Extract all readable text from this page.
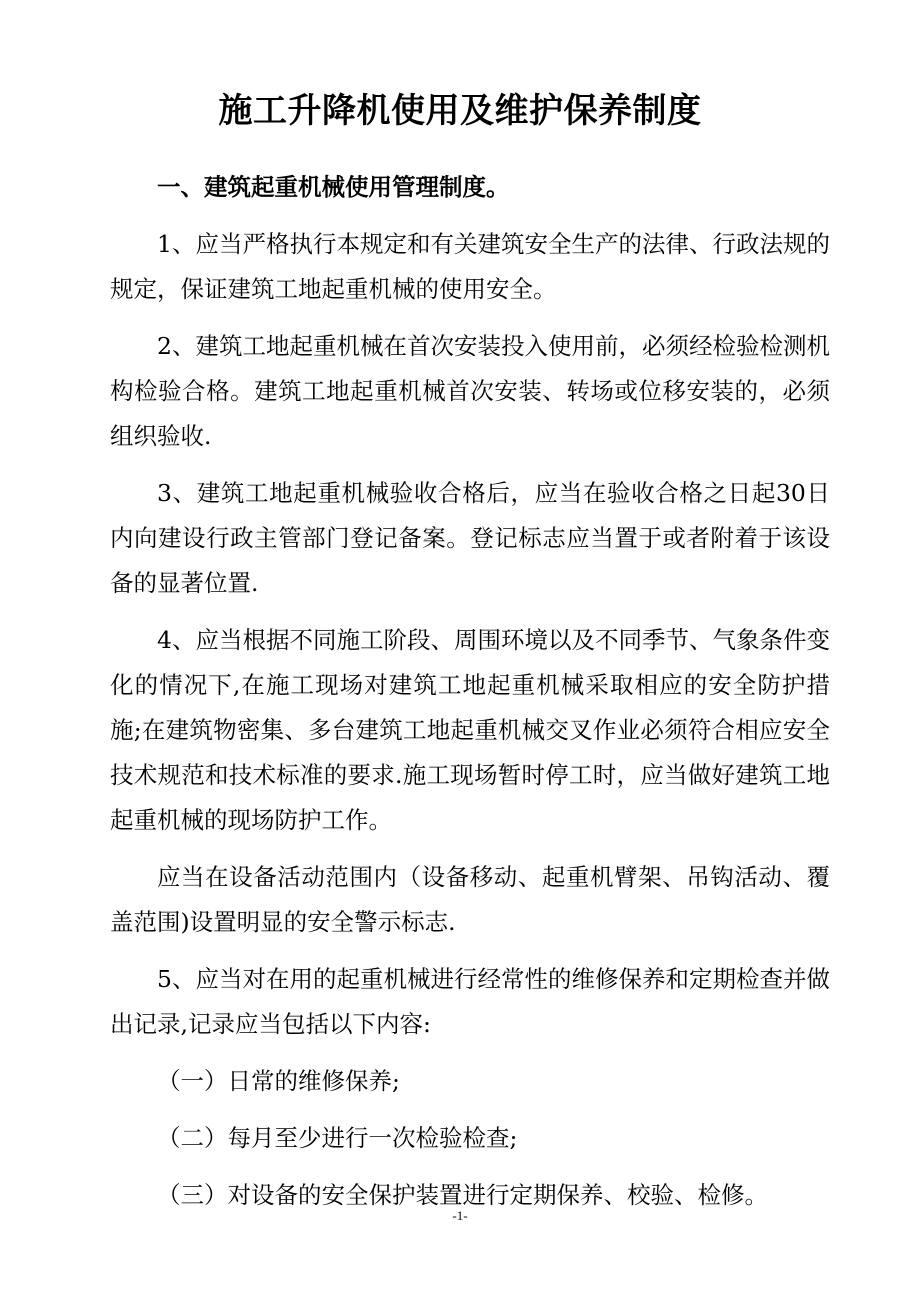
施工升降机使用及维护保养制度

一、建筑起重机械使用管理制度。

1、应当严格执行本规定和有关建筑安全生产的法律、行政法规的规定，保证建筑工地起重机械的使用安全。

2、建筑工地起重机械在首次安装投入使用前，必须经检验检测机构检验合格。建筑工地起重机械首次安装、转场或位移安装的，必须组织验收.

3、建筑工地起重机械验收合格后，应当在验收合格之日起30日内向建设行政主管部门登记备案。登记标志应当置于或者附着于该设备的显著位置.

4、应当根据不同施工阶段、周围环境以及不同季节、气象条件变化的情况下,在施工现场对建筑工地起重机械采取相应的安全防护措施;在建筑物密集、多台建筑工地起重机械交叉作业必须符合相应安全技术规范和技术标准的要求.施工现场暂时停工时，应当做好建筑工地起重机械的现场防护工作。

应当在设备活动范围内（设备移动、起重机臂架、吊钩活动、覆盖范围)设置明显的安全警示标志.

5、应当对在用的起重机械进行经常性的维修保养和定期检查并做出记录,记录应当包括以下内容:

（一）日常的维修保养;

（二）每月至少进行一次检验检查;

（三）对设备的安全保护装置进行定期保养、校验、检修。

-1-
